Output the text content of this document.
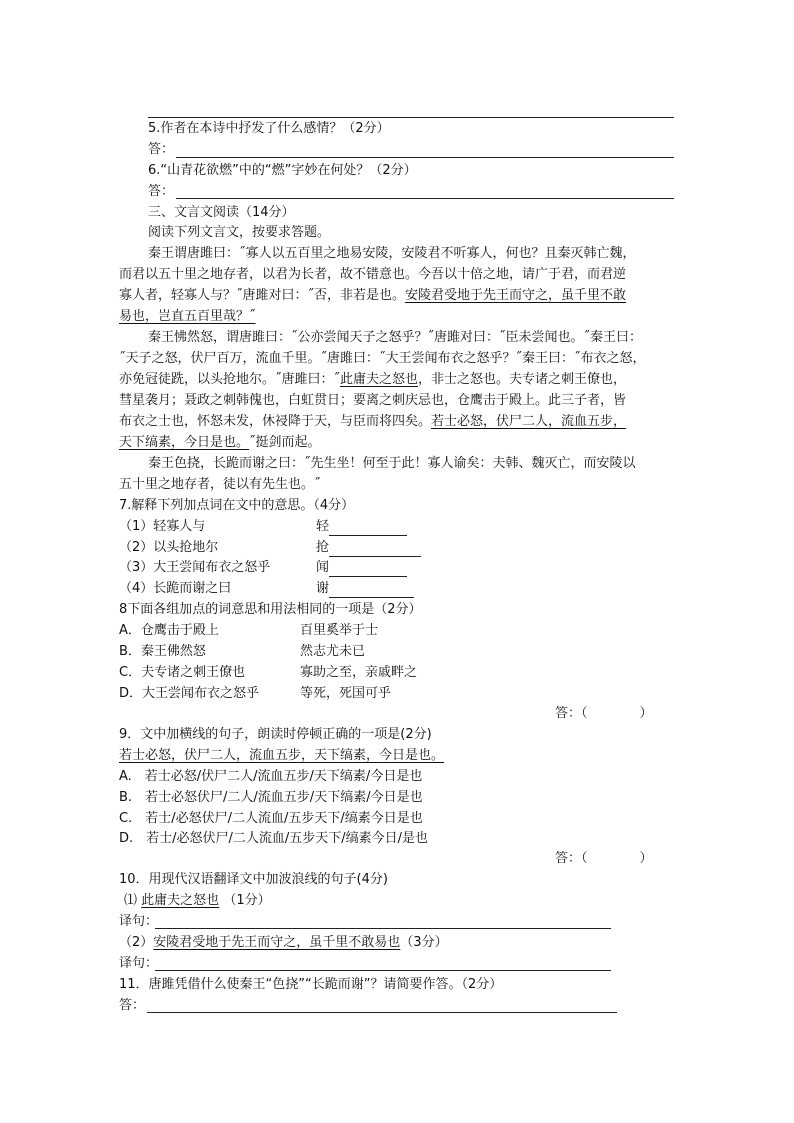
5.作者在本诗中抒发了什么感情？（2分）
答：
6.“山青花欲燃”中的“燃”字妙在何处？（2分）
答：
三、文言文阅读（14分）
阅读下列文言文，按要求答题。
秦王谓唐雎曰：˝寡人以五百里之地易安陵，安陵君不听寡人，何也？且秦灭韩亡魏，
而君以五十里之地存者，以君为长者，故不错意也。今吾以十倍之地，请广于君，而君逆
寡人者，轻寡人与？˝唐雎对曰：˝否，非若是也。安陵君受地于先王而守之，虽千里不敢
易也，岂直五百里哉？˝
秦王怫然怒，谓唐雎曰：˝公亦尝闻天子之怒乎？˝唐雎对曰：˝臣未尝闻也。˝秦王曰：
˝天子之怒，伏尸百万，流血千里。˝唐雎曰：˝大王尝闻布衣之怒乎？˝秦王曰：˝布衣之怒，
亦免冠徒跣，以头抢地尔。˝唐雎曰：˝此庸夫之怒也，非士之怒也。夫专诸之刺王僚也，
彗星袭月；聂政之刺韩傀也，白虹贯日；要离之刺庆忌也，仓鹰击于殿上。此三子者，皆
布衣之士也，怀怒未发，休祲降于天，与臣而将四矣。若士必怒，伏尸二人，流血五步，
天下缟素，今日是也。˝挺剑而起。
秦王色挠，长跪而谢之曰：˝先生坐！何至于此！寡人谕矣：夫韩、魏灭亡，而安陵以
五十里之地存者，徒以有先生也。˝
7.解释下列加点词在文中的意思。（4分）
（1）轻寡人与	轻
（2）以头抢地尔	抢
（3）大王尝闻布衣之怒乎	闻
（4）长跪而谢之曰	谢
8下面各组加点的词意思和用法相同的一项是（2分）
A．仓鹰击于殿上	百里奚举于士
B．秦王佛然怒	然志尤未已
C．夫专诸之刺王僚也	寡助之至，亲戚畔之
D．大王尝闻布衣之怒乎	等死，死国可乎
答：（　　　　）
9．文中加横线的句子，朗读时停顿正确的一项是(2分)
若士必怒，伏尸二人，流血五步，天下缟素，今日是也。
A.　若士必怒/伏尸二人/流血五步/天下缟素/今日是也
B.　若士必怒伏尸/二人/流血五步/天下缟素/今日是也
C.　若士/必怒伏尸/二人流血/五步天下/缟素今日是也
D.　若士/必怒伏尸/二人流血/五步天下/缟素今日/是也
答：（　　　　）
10．用现代汉语翻译文中加波浪线的句子(4分)
⑴ 此庸夫之怒也 （1分）
译句：
（2）安陵君受地于先王而守之，虽千里不敢易也（3分）
译句：
11．唐雎凭借什么使秦王“色挠”“长跪而谢”？请简要作答。（2分）
答：
